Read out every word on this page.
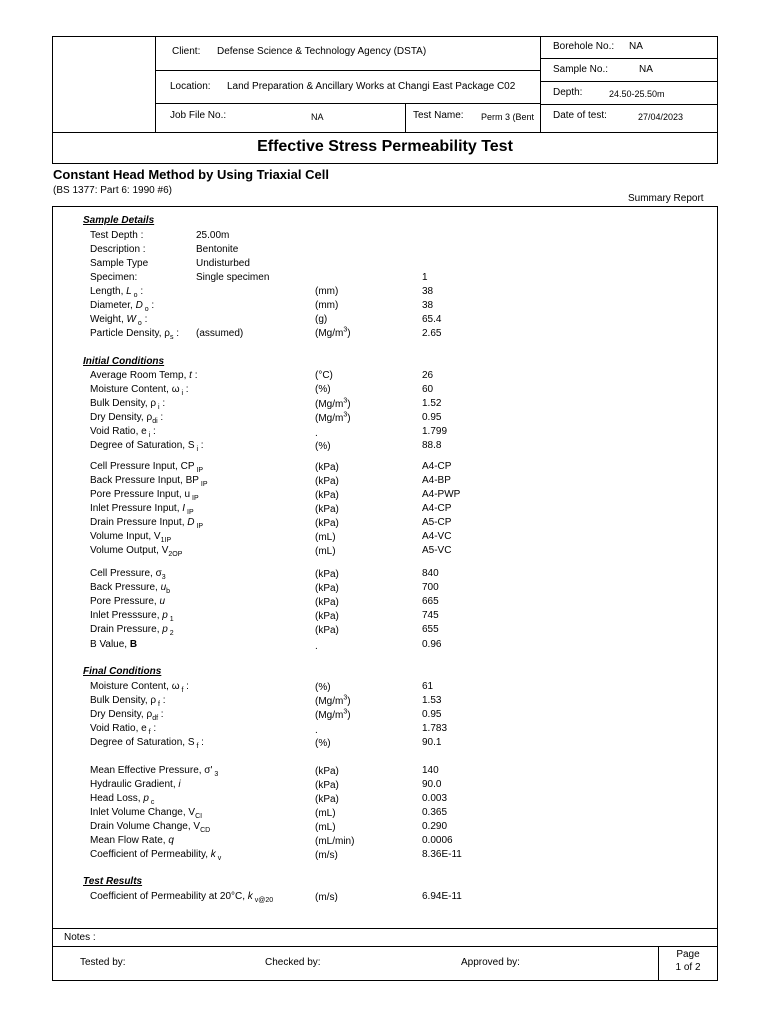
Client: Defense Science & Technology Agency (DSTA)
Location: Land Preparation & Ancillary Works at Changi East Package C02
Job File No.:	NA	Test Name: Perm 3 (Bent
Borehole No.: NA
Sample No.:	NA
Depth:	24.50-25.50m
Date of test:	27/04/2023
Effective Stress Permeability Test
Constant Head Method by Using Triaxial Cell
(BS 1377: Part 6: 1990 #6)
Summary Report
Sample Details
Test Depth :	25.00m
Description :	Bentonite
Sample Type	Undisturbed
Specimen:	Single specimen	1
Length, L $_o$ :	(mm)	38
Diameter, D $_o$ :	(mm)	38
Weight, W $_o$ :	(g)	65.4
Particle Density, $\rho_s$ : (assumed)	$(Mg/m^3)$	2.65
Initial Conditions
Average Room Temp, t :	(°C)	26
Moisture Content, ω $_i$ :	(%)	60
Bulk Density, ρ $_i$ :	$(Mg/m^3)$	1.52
Dry Density, $\rho_{di}$ :	$(Mg/m^3)$	0.95
Void Ratio, e $_i$ :	.	1.799
Degree of Saturation, S $_i$ :	(%)	88.8
Cell Pressure Input, CP $_{IP}$	(kPa)	A4-CP
Back Pressure Input, BP $_{IP}$	(kPa)	A4-BP
Pore Pressure Input, u $_{IP}$	(kPa)	A4-PWP
Inlet Pressure Input, I $_{IP}$	(kPa)	A4-CP
Drain Pressure Input, D $_{IP}$	(kPa)	A5-CP
Volume Input, $V_{1IP}$	(mL)	A4-VC
Volume Output, $V_{2OP}$	(mL)	A5-VC
Cell Pressure, $\sigma_3$	(kPa)	840
Back Pressure, $u_b$	(kPa)	700
Pore Pressure, u	(kPa)	665
Inlet Presssure, p $_1$	(kPa)	745
Drain Pressure, p $_2$	(kPa)	655
B Value, B	.	0.96
Final Conditions
Moisture Content, ω $_f$ :	(%)	61
Bulk Density, ρ $_f$ :	$(Mg/m^3)$	1.53
Dry Density, $\rho_{df}$ :	$(Mg/m^3)$	0.95
Void Ratio, e $_f$ :	.	1.783
Degree of Saturation, S $_f$ :	(%)	90.1
Mean Effective Pressure, σ' $_3$	(kPa)	140
Hydraulic Gradient, i	(kPa)	90.0
Head Loss, p $_c$	(kPa)	0.003
Inlet Volume Change, $V_{CI}$	(mL)	0.365
Drain Volume Change, $V_{CD}$	(mL)	0.290
Mean Flow Rate, q	(mL/min)	0.0006
Coefficient of Permeability, k $_v$	(m/s)	8.36E-11
Test Results
Coefficient of Permeability at 20°C, k $_{v@20}$	(m/s)	6.94E-11
Notes :
Tested by:	Checked by:	Approved by:
Page
1 of 2
